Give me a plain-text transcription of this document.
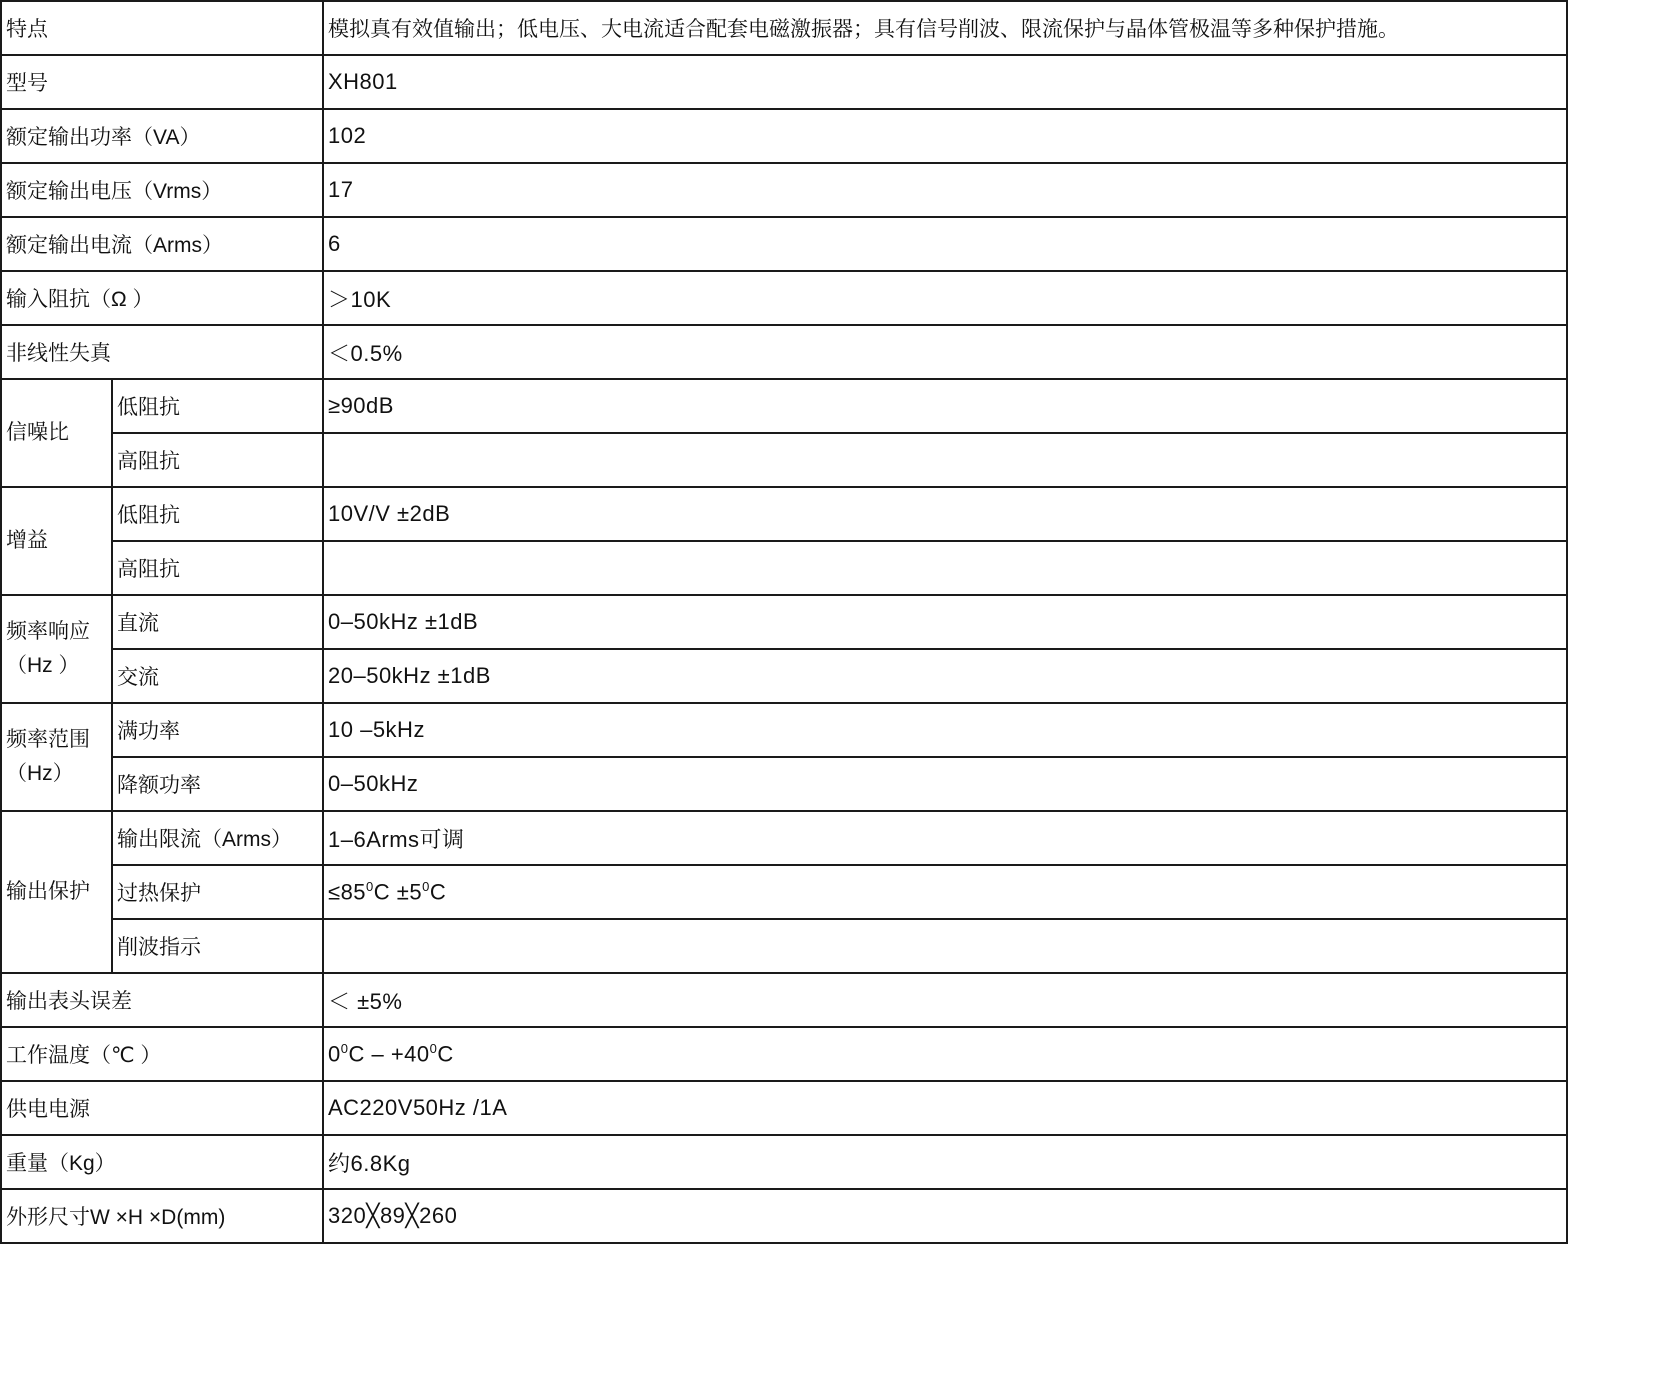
特点		模拟真有效值输出；低电压、大电流适合配套电磁激振器；具有信号削波、限流保护与晶体管极温等多种保护措施。
型号		XH801
额定输出功率（VA）		102
额定输出电压（Vrms）		17
额定输出电流（Arms）		6
输入阻抗（Ω ）		＞10K
非线性失真		＜0.5%
信噪比	低阻抗	≥90dB
	高阻抗	
增益	低阻抗	10V/V ±2dB
	高阻抗	
频率响应（Hz ）	直流	0–50kHz ±1dB
	交流	20–50kHz ±1dB
频率范围（Hz）	满功率	10 –5kHz
	降额功率	0–50kHz
输出保护	输出限流（Arms）	1–6Arms可调
	过热保护	$\le 85^0C \pm 5^0C$
	削波指示	
输出表头误差		＜ ±5%
工作温度（℃ ）		$0^0C - +40^0C$
供电电源		AC220V50Hz /1A
重量（Kg）		约6.8Kg
外形尺寸W ×H ×D(mm)		320╳89╳260
